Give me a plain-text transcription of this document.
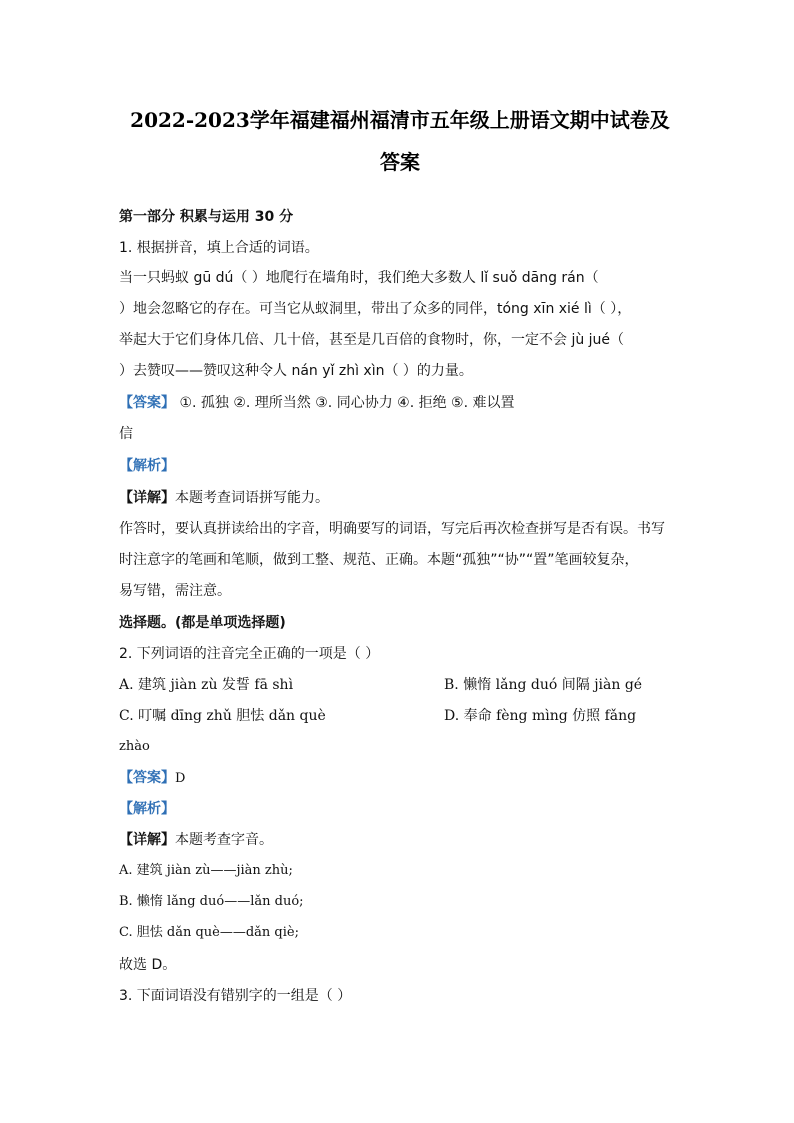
2022-2023学年福建福州福清市五年级上册语文期中试卷及
答案
第一部分 积累与运用 30 分
1. 根据拼音，填上合适的词语。
当一只蚂蚁 gū dú（ ）地爬行在墙角时，我们绝大多数人 lǐ suǒ dāng rán（
）地会忽略它的存在。可当它从蚁洞里，带出了众多的同伴，tóng xīn xié lì（ ），
举起大于它们身体几倍、几十倍，甚至是几百倍的食物时，你，一定不会 jù jué（
）去赞叹——赞叹这种令人 nán yǐ zhì xìn（ ）的力量。
【答案】 ①. 孤独 ②. 理所当然 ③. 同心协力 ④. 拒绝 ⑤. 难以置
信
【解析】
【详解】本题考查词语拼写能力。
作答时，要认真拼读给出的字音，明确要写的词语，写完后再次检查拼写是否有误。书写
时注意字的笔画和笔顺，做到工整、规范、正确。本题“孤独”“协”“置”笔画较复杂，
易写错，需注意。
选择题。(都是单项选择题)
2. 下列词语的注音完全正确的一项是（ ）
A. 建筑 jiàn zù 发誓 fā shì	B. 懒惰 lǎng duó 间隔 jiàn gé
C. 叮嘱 dīng zhǔ 胆怯 dǎn què	D. 奉命 fèng mìng 仿照 fǎng
zhào
【答案】D
【解析】
【详解】本题考查字音。
A. 建筑 jiàn zù——jiàn zhù;
B. 懒惰 lǎng duó——lǎn duó;
C. 胆怯 dǎn què——dǎn qiè;
故选 D。
3. 下面词语没有错别字的一组是（ ）
